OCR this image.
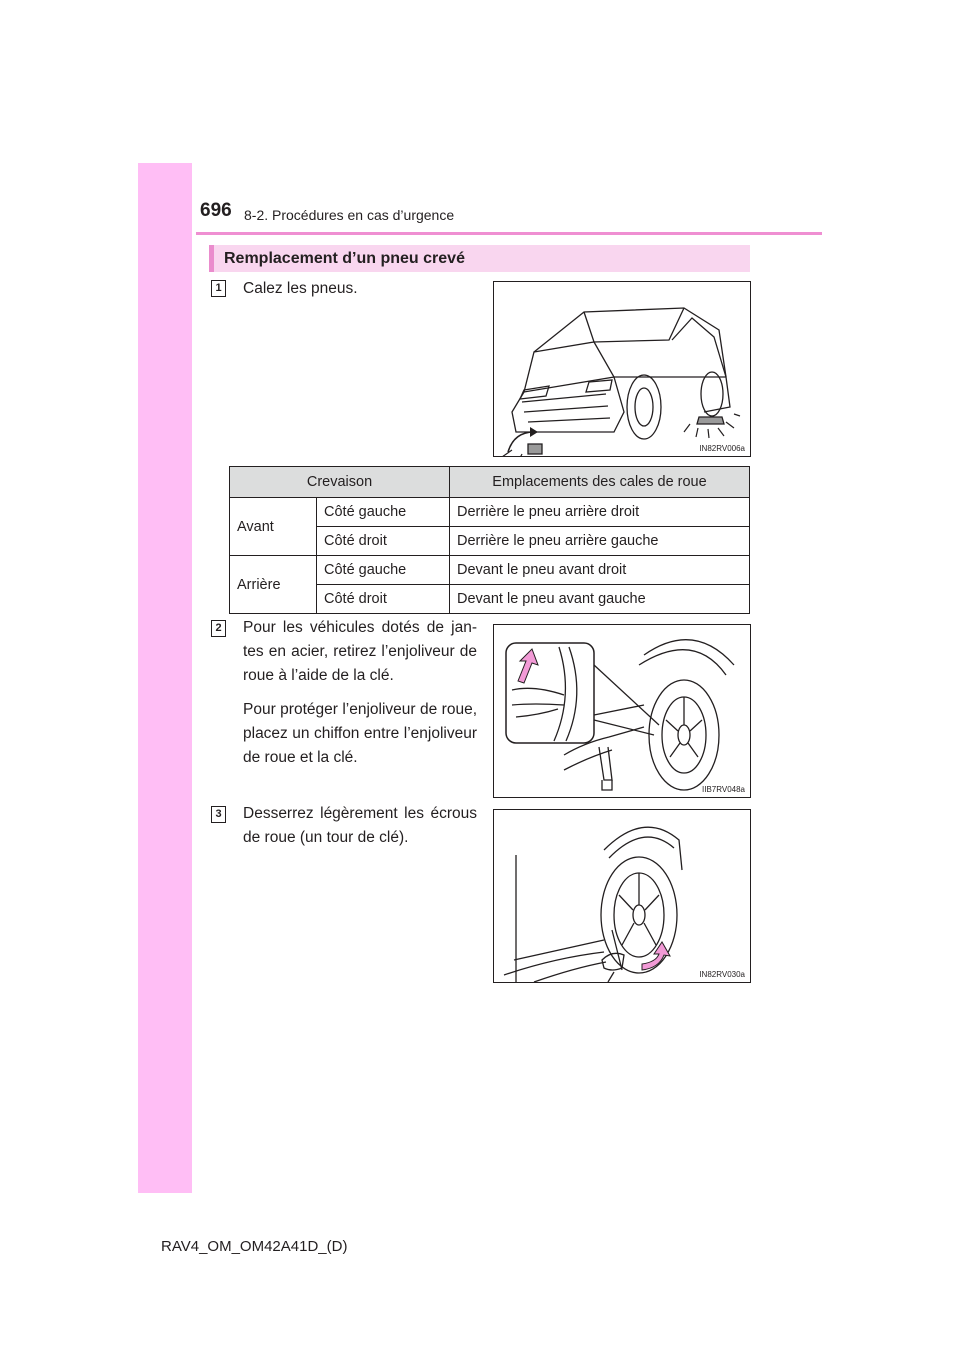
696 8-2. Procédures en cas d’urgence
Remplacement d’un pneu crevé
1 Calez les pneus.

IN82RV006a
Crevaison		Emplacements des cales de roue
Avant	Côté gauche	Derrière le pneu arrière droit
	Côté droit	Derrière le pneu arrière gauche
Arrière	Côté gauche	Devant le pneu avant droit
	Côté droit	Devant le pneu avant gauche
2 Pour les véhicules dotés de jan-tes en acier, retirez l’enjoliveur de roue à l’aide de la clé.

Pour protéger l’enjoliveur de roue, placez un chiffon entre l’enjoliveur de roue et la clé.

IIB7RV048a
3 Desserrez légèrement les écrous de roue (un tour de clé).

IN82RV030a
RAV4_OM_OM42A41D_(D)
